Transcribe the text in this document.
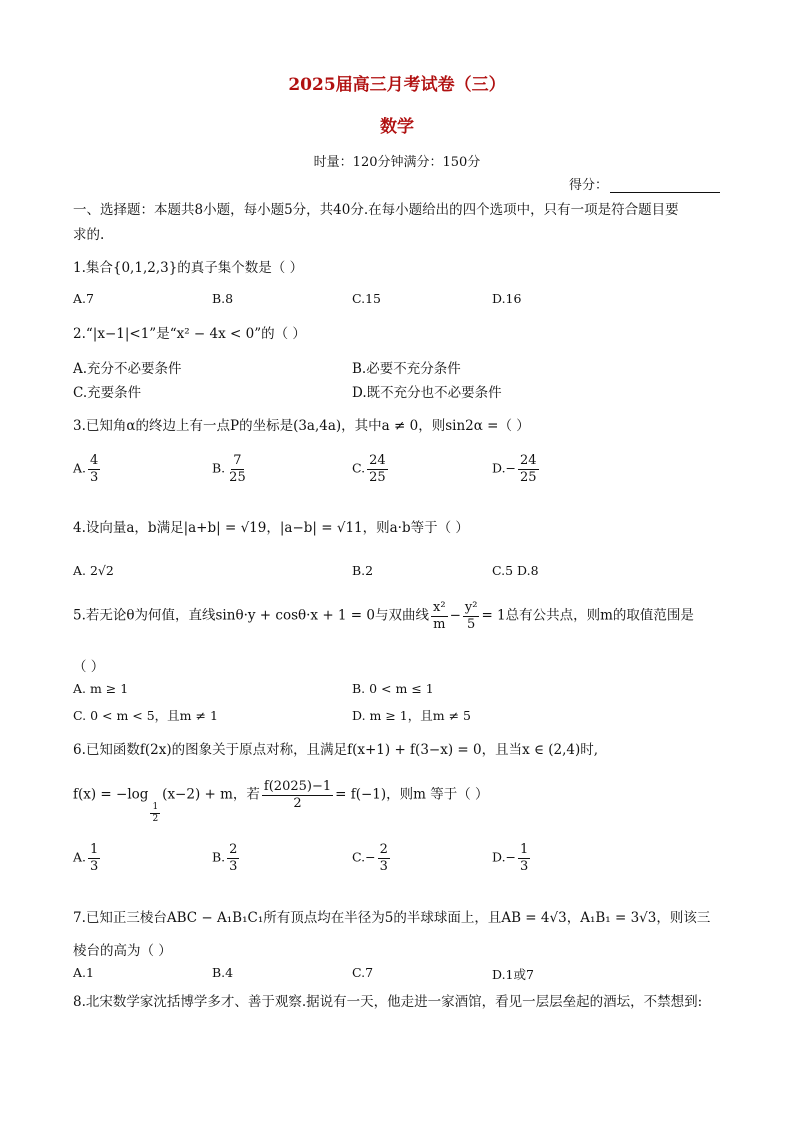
2025届高三月考试卷（三）
数学
时量：120分钟满分：150分
得分：
一、选择题：本题共8小题，每小题5分，共40分.在每小题给出的四个选项中，只有一项是符合题目要
求的.
1.集合{0,1,2,3}的真子集个数是（ ）
A.7	B.8	C.15	D.16
2.“|x−1|<1”是“x² − 4x < 0”的（ ）
A.充分不必要条件	B.必要不充分条件
C.充要条件	D.既不充分也不必要条件
3.已知角α的终边上有一点P的坐标是(3a,4a)，其中a ≠ 0，则sin2α =（ ）
A. $\frac{4}{3}$	B. $\frac{7}{25}$	C. $\frac{24}{25}$	$D.- \frac{24}{25}$
4.设向量a，b满足|a+b| = √19，|a−b| = √11，则a·b等于（ ）
A. 2√2	B.2	C.5 D.8
5.若无论θ为何值，直线sinθ·y + cosθ·x + 1 = 0与双曲线 $\frac{\text{x²}}{m} - \frac{\text{y²}}{5} = 1$总有公共点，则m的取值范围是
（ ）
A. m ≥ 1	B. 0 < m ≤ 1
C. 0 < m < 5，且m ≠ 1	D. m ≥ 1，且m ≠ 5
6.已知函数f(2x)的图象关于原点对称，且满足f(x+1) + f(3−x) = 0，且当x ∈ (2,4)时,
f(x) = −log
$\frac{1}{2}$
(x−2) + m，若 $\frac{f(2025)-1}{2} = f(-1)$，则m 等于（ ）
A. $\frac{1}{3}$	B. $\frac{2}{3}$	$C.- \frac{2}{3}$	$D.- \frac{1}{3}$
7.已知正三棱台ABC − A₁B₁C₁所有顶点均在半径为5的半球球面上，且AB = 4√3，A₁B₁ = 3√3，则该三
棱台的高为（ ）
A.1	B.4	C.7	D.1或7
8.北宋数学家沈括博学多才、善于观察.据说有一天，他走进一家酒馆，看见一层层垒起的酒坛，不禁想到:
